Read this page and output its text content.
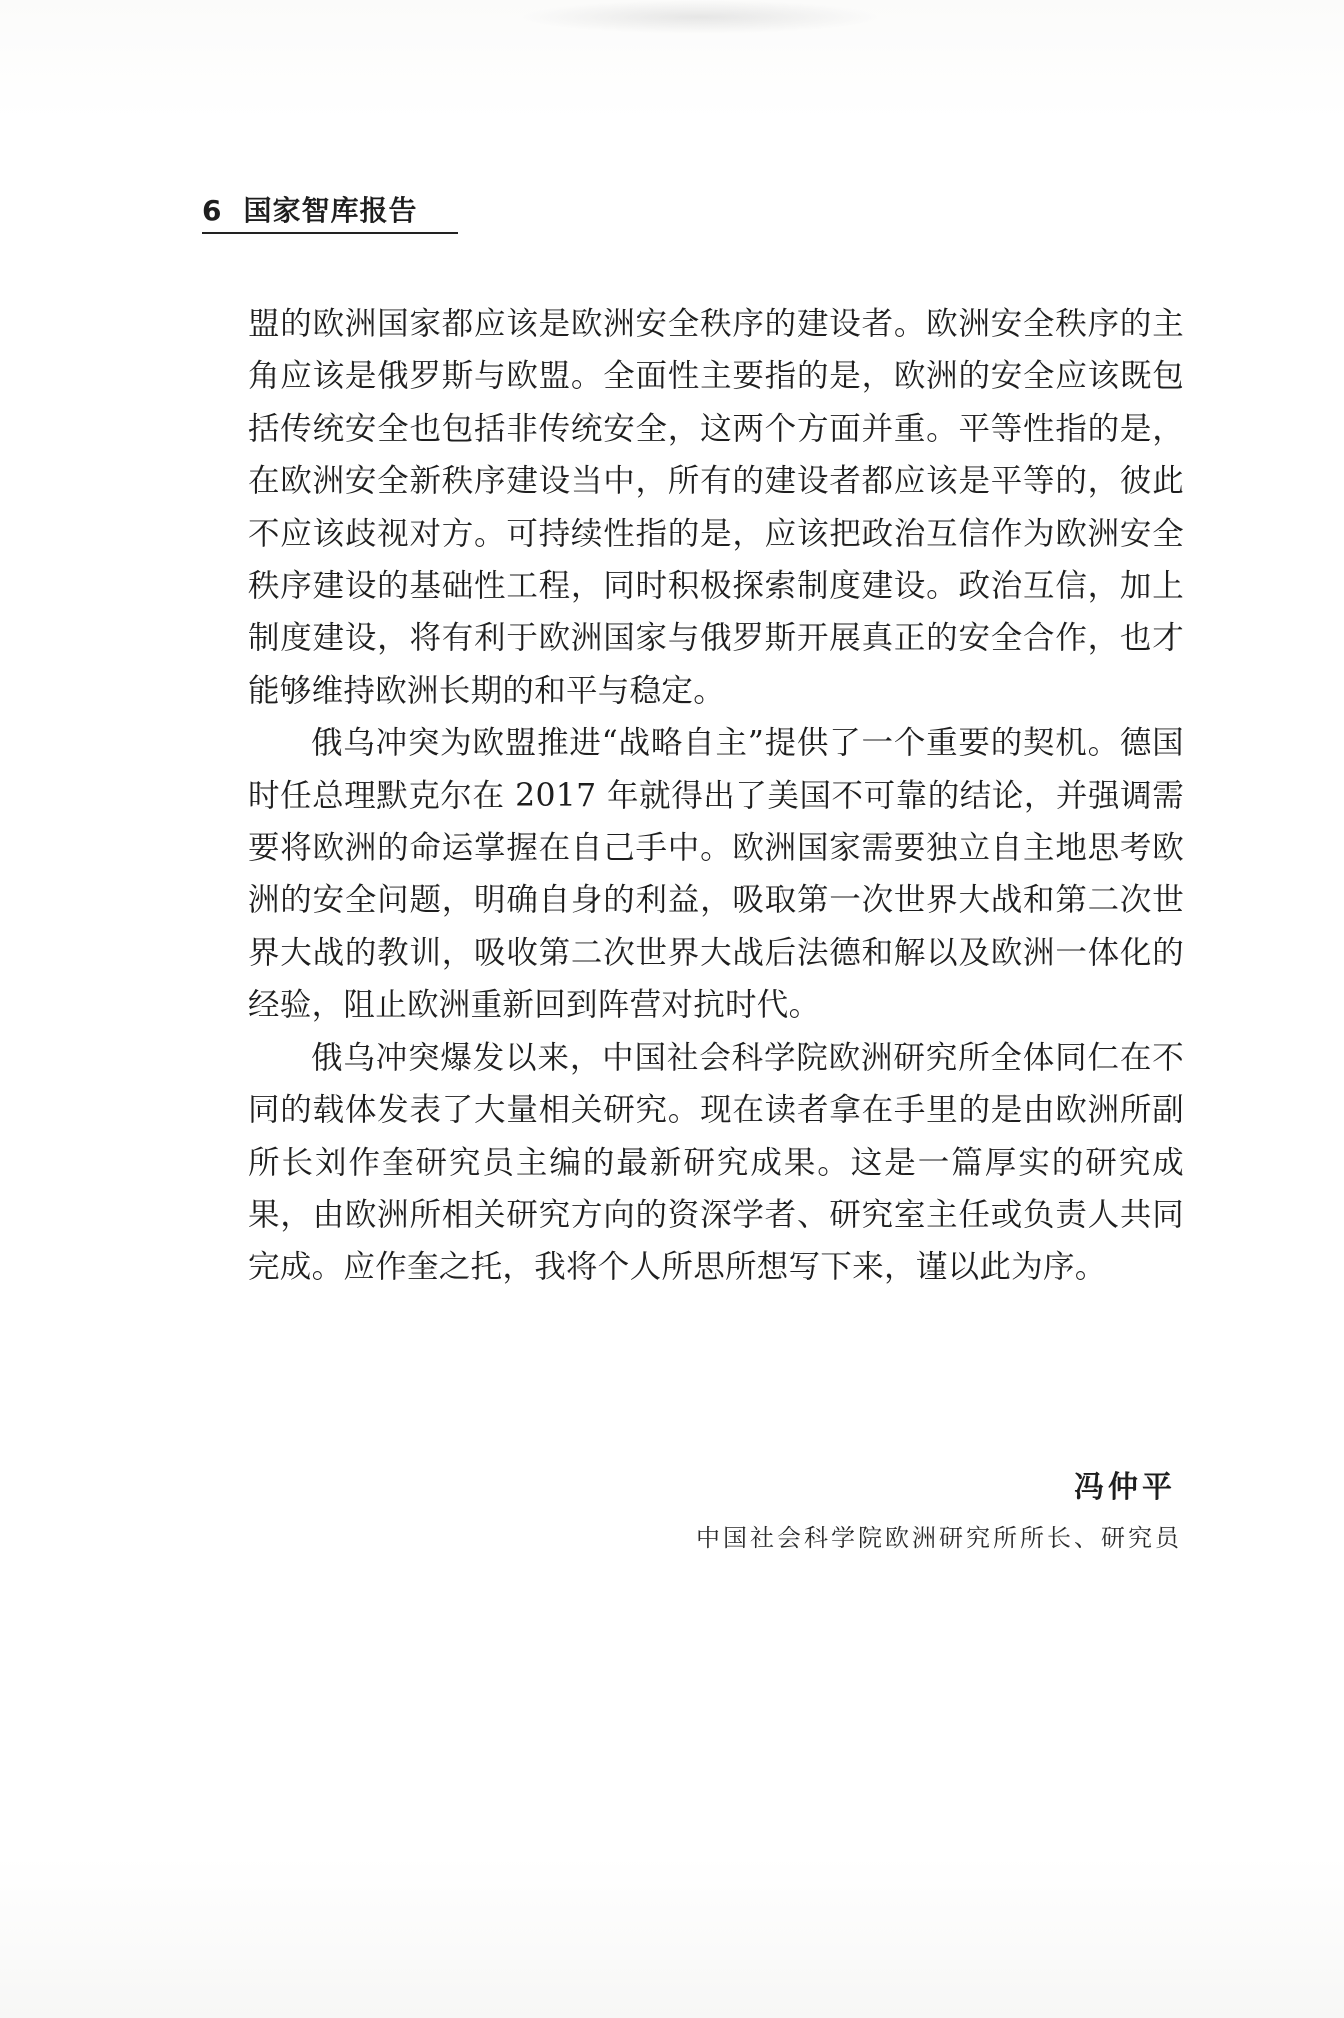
6 国家智库报告

盟的欧洲国家都应该是欧洲安全秩序的建设者。欧洲安全秩序的主角应该是俄罗斯与欧盟。全面性主要指的是，欧洲的安全应该既包括传统安全也包括非传统安全，这两个方面并重。平等性指的是，在欧洲安全新秩序建设当中，所有的建设者都应该是平等的，彼此不应该歧视对方。可持续性指的是，应该把政治互信作为欧洲安全秩序建设的基础性工程，同时积极探索制度建设。政治互信，加上制度建设，将有利于欧洲国家与俄罗斯开展真正的安全合作，也才能够维持欧洲长期的和平与稳定。

俄乌冲突为欧盟推进“战略自主”提供了一个重要的契机。德国时任总理默克尔在 2017 年就得出了美国不可靠的结论，并强调需要将欧洲的命运掌握在自己手中。欧洲国家需要独立自主地思考欧洲的安全问题，明确自身的利益，吸取第一次世界大战和第二次世界大战的教训，吸收第二次世界大战后法德和解以及欧洲一体化的经验，阻止欧洲重新回到阵营对抗时代。

俄乌冲突爆发以来，中国社会科学院欧洲研究所全体同仁在不同的载体发表了大量相关研究。现在读者拿在手里的是由欧洲所副所长刘作奎研究员主编的最新研究成果。这是一篇厚实的研究成果，由欧洲所相关研究方向的资深学者、研究室主任或负责人共同完成。应作奎之托，我将个人所思所想写下来，谨以此为序。

冯仲平
中国社会科学院欧洲研究所所长、研究员
